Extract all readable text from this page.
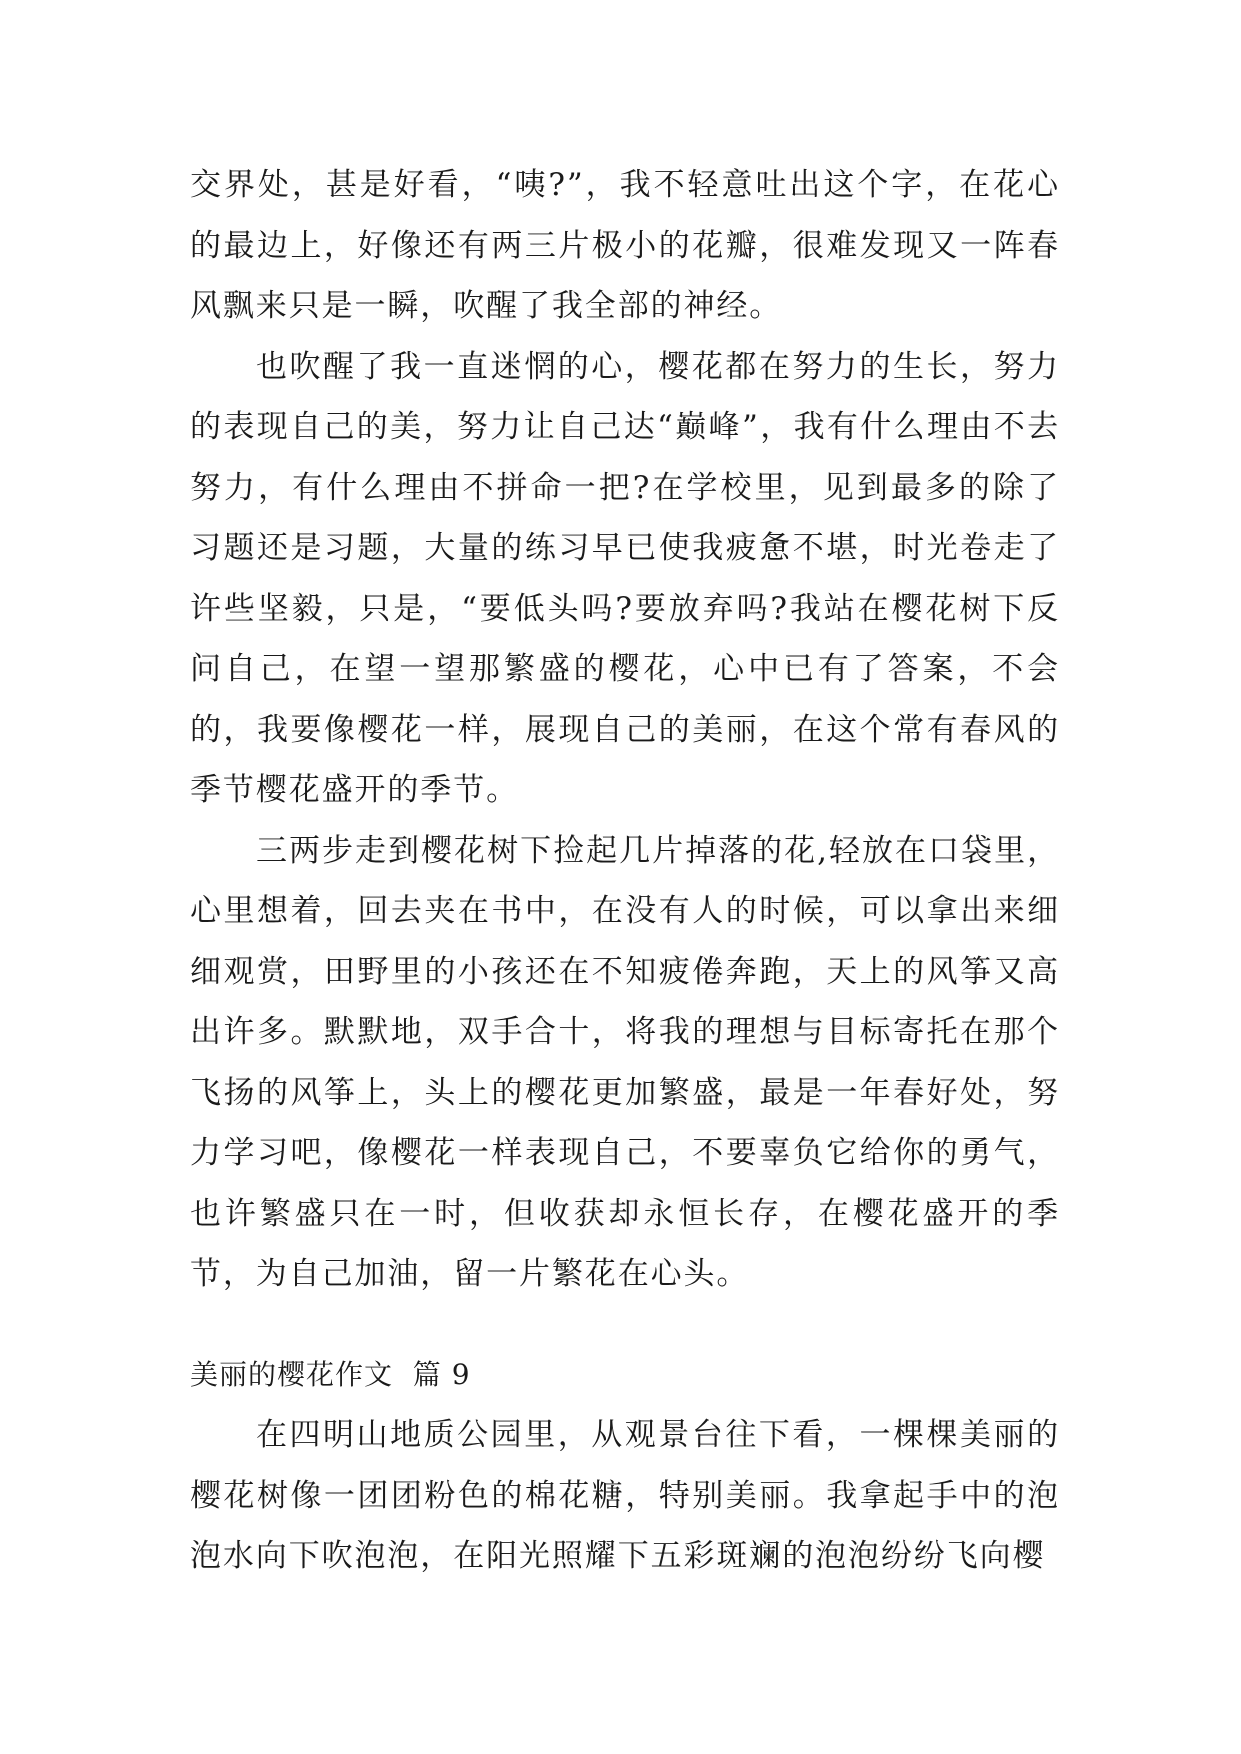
交界处，甚是好看，“咦?”，我不轻意吐出这个字，在花心的最边上，好像还有两三片极小的花瓣，很难发现又一阵春风飘来只是一瞬，吹醒了我全部的神经。

也吹醒了我一直迷惘的心，樱花都在努力的生长，努力的表现自己的美，努力让自己达“巅峰”，我有什么理由不去努力，有什么理由不拼命一把?在学校里，见到最多的除了习题还是习题，大量的练习早已使我疲惫不堪，时光卷走了许些坚毅，只是，“要低头吗?要放弃吗?我站在樱花树下反问自己，在望一望那繁盛的樱花，心中已有了答案，不会的，我要像樱花一样，展现自己的美丽，在这个常有春风的季节樱花盛开的季节。

三两步走到樱花树下捡起几片掉落的花,轻放在口袋里，心里想着，回去夹在书中，在没有人的时候，可以拿出来细细观赏，田野里的小孩还在不知疲倦奔跑，天上的风筝又高出许多。默默地，双手合十，将我的理想与目标寄托在那个飞扬的风筝上，头上的樱花更加繁盛，最是一年春好处，努力学习吧，像樱花一样表现自己，不要辜负它给你的勇气，也许繁盛只在一时，但收获却永恒长存，在樱花盛开的季节，为自己加油，留一片繁花在心头。

美丽的樱花作文  篇 9

在四明山地质公园里，从观景台往下看，一棵棵美丽的樱花树像一团团粉色的棉花糖，特别美丽。我拿起手中的泡泡水向下吹泡泡，在阳光照耀下五彩斑斓的泡泡纷纷飞向樱
